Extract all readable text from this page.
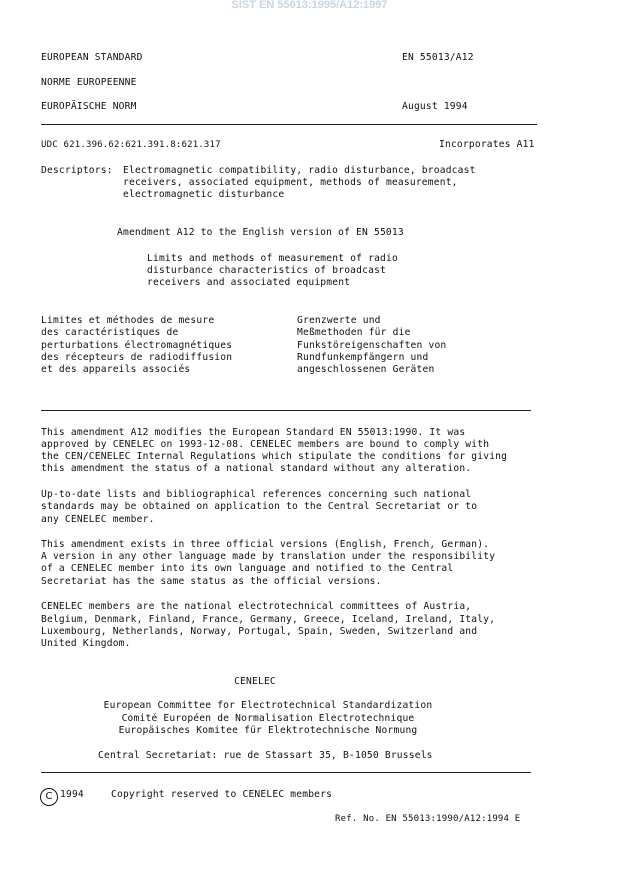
SIST EN 55013:1995/A12:1997
EUROPEAN STANDARD	EN 55013/A12
NORME EUROPEENNE
EUROPÄISCHE NORM	August 1994
UDC 621.396.62:621.391.8:621.317	Incorporates A11
Descriptors: Electromagnetic compatibility, radio disturbance, broadcast
receivers, associated equipment, methods of measurement,
electromagnetic disturbance
Amendment A12 to the English version of EN 55013
Limits and methods of measurement of radio
disturbance characteristics of broadcast
receivers and associated equipment
Limites et méthodes de mesure
des caractéristiques de
perturbations électromagnétiques
des récepteurs de radiodiffusion
et des appareils associés
Grenzwerte und
Meßmethoden für die
Funkstöreigenschaften von
Rundfunkempfängern und
angeschlossenen Geräten
This amendment A12 modifies the European Standard EN 55013:1990. It was
approved by CENELEC on 1993-12-08. CENELEC members are bound to comply with
the CEN/CENELEC Internal Regulations which stipulate the conditions for giving
this amendment the status of a national standard without any alteration.
Up-to-date lists and bibliographical references concerning such national
standards may be obtained on application to the Central Secretariat or to
any CENELEC member.
This amendment exists in three official versions (English, French, German).
A version in any other language made by translation under the responsibility
of a CENELEC member into its own language and notified to the Central
Secretariat has the same status as the official versions.
CENELEC members are the national electrotechnical committees of Austria,
Belgium, Denmark, Finland, France, Germany, Greece, Iceland, Ireland, Italy,
Luxembourg, Netherlands, Norway, Portugal, Spain, Sweden, Switzerland and
United Kingdom.
CENELEC
European Committee for Electrotechnical Standardization
Comité Européen de Normalisation Electrotechnique
Europäisches Komitee für Elektrotechnische Normung
Central Secretariat: rue de Stassart 35, B-1050 Brussels
C 1994	Copyright reserved to CENELEC members
Ref. No. EN 55013:1990/A12:1994 E
